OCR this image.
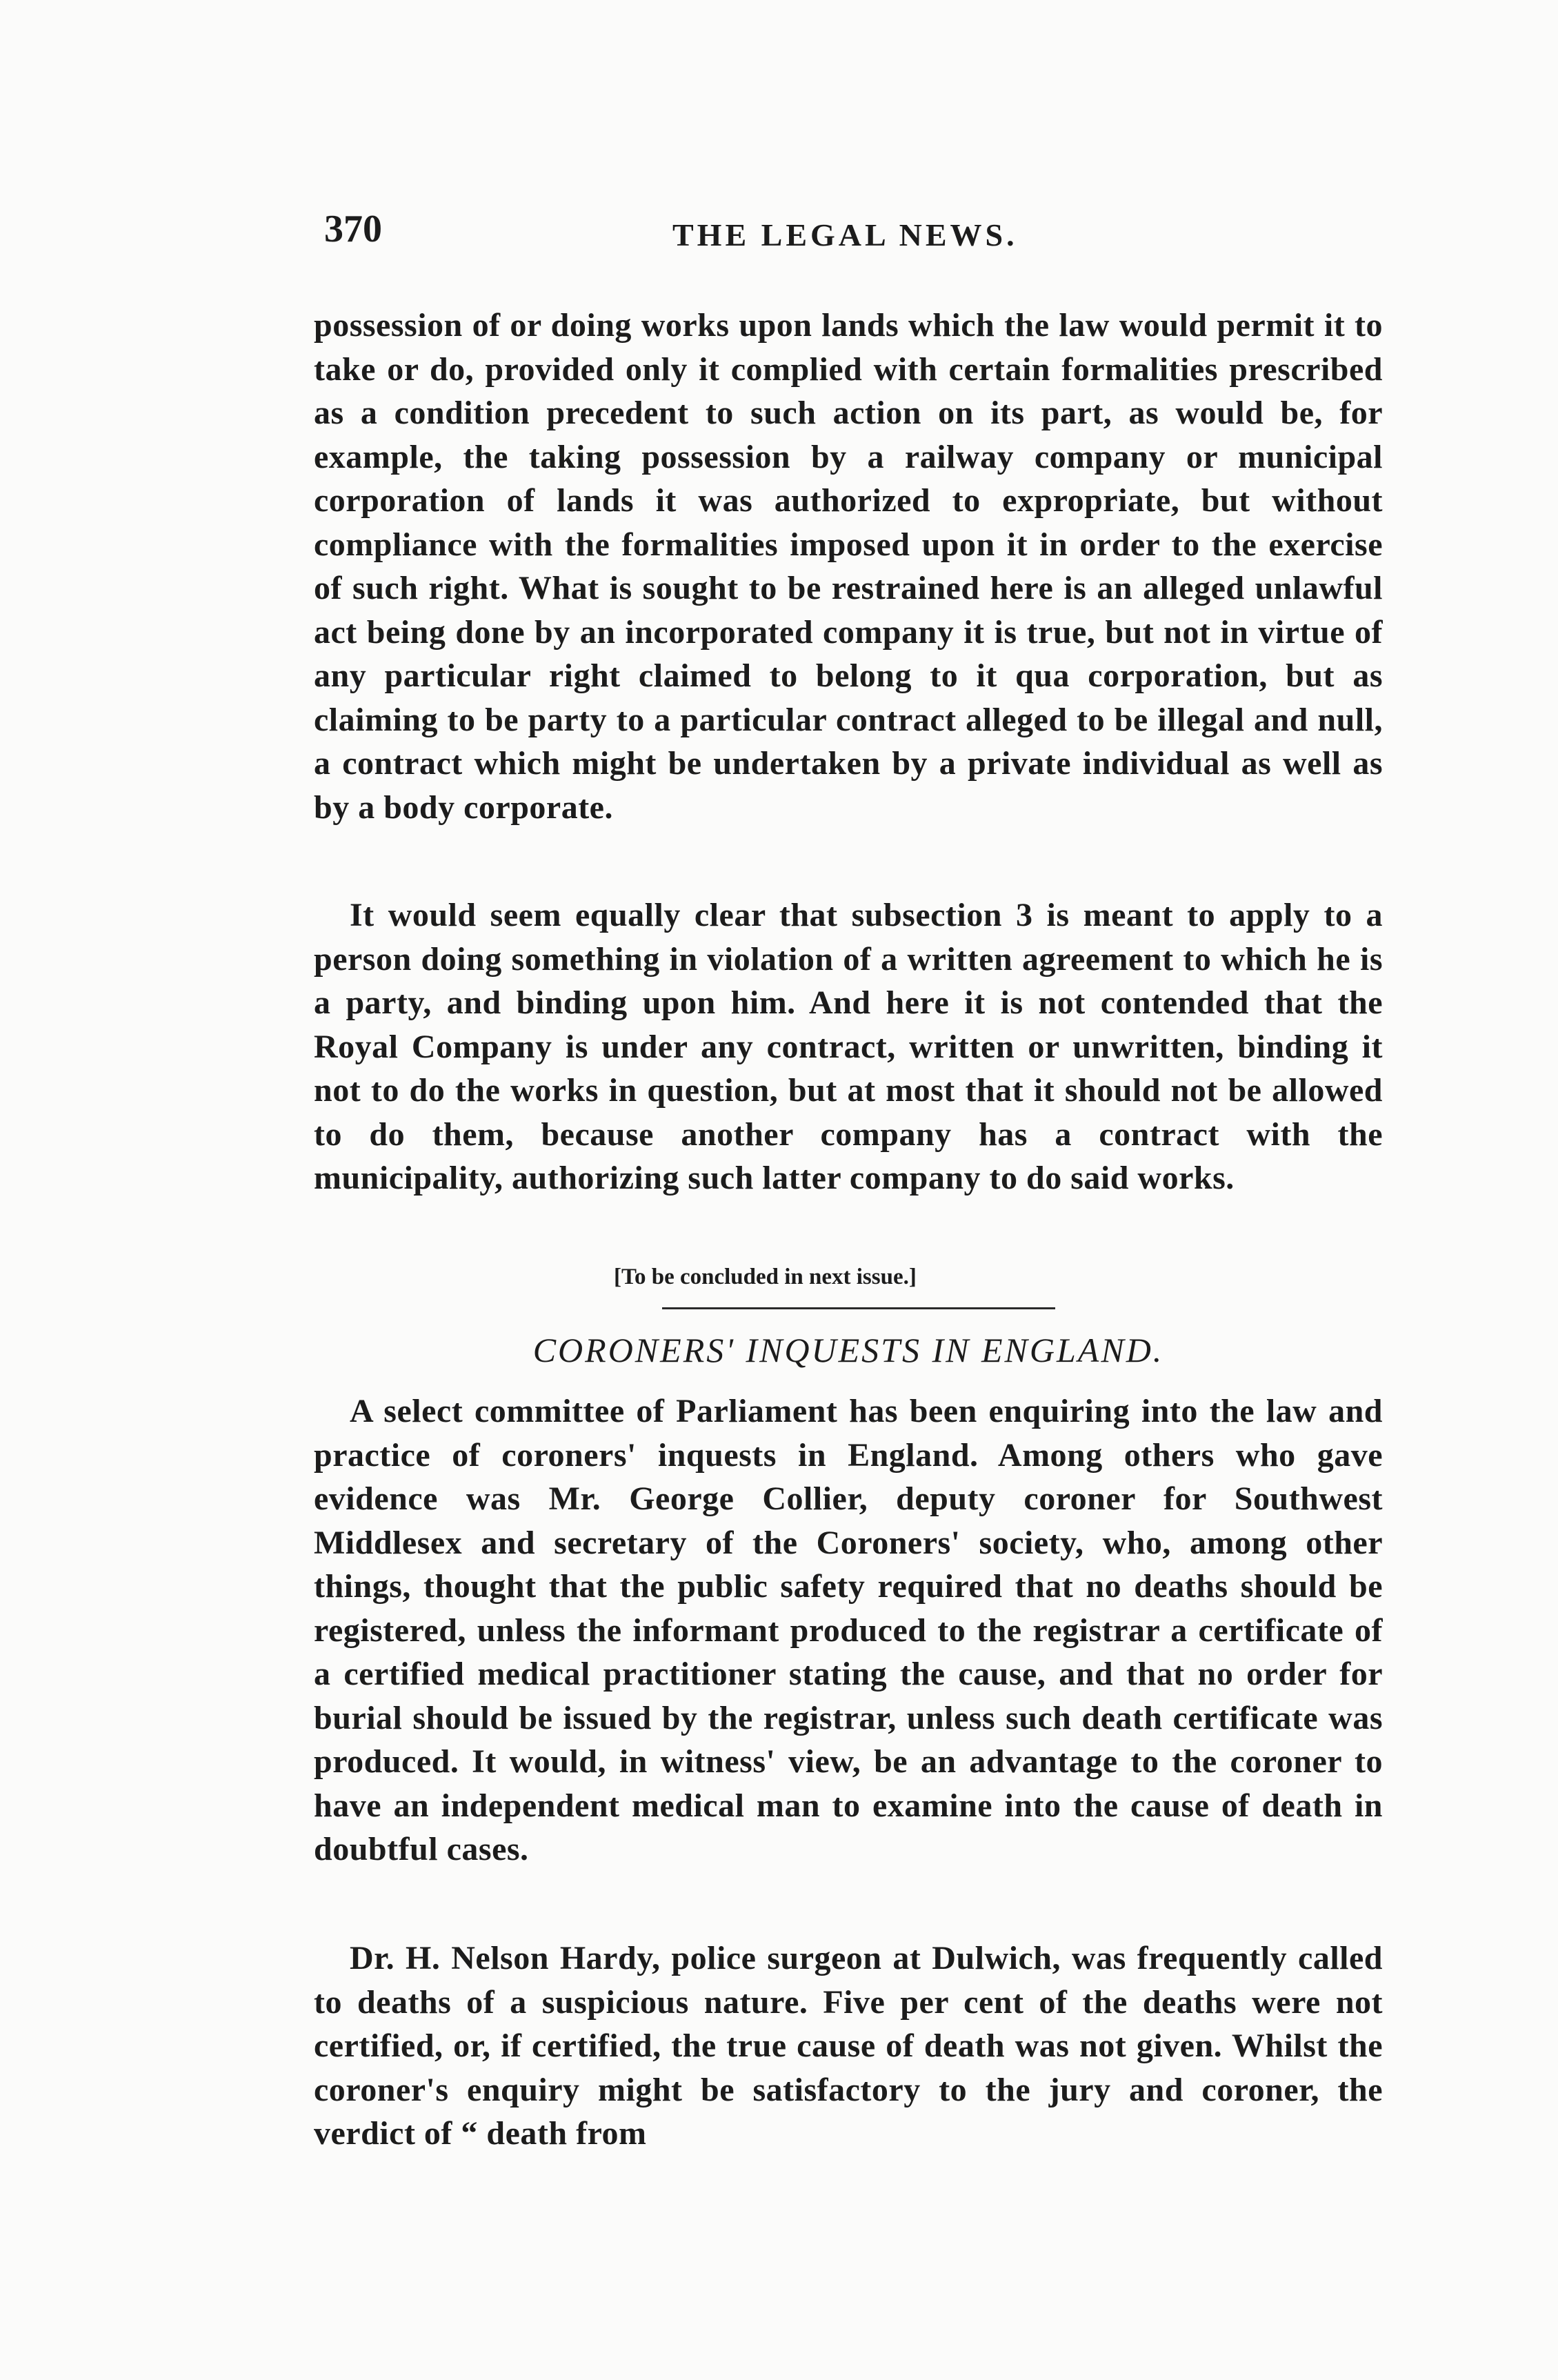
370	THE LEGAL NEWS.

possession of or doing works upon lands which the law would permit it to take or do, provided only it complied with certain formalities prescribed as a condition precedent to such action on its part, as would be, for example, the taking possession by a railway company or municipal corporation of lands it was authorized to expropriate, but without compliance with the formalities imposed upon it in order to the exercise of such right. What is sought to be restrained here is an alleged unlawful act being done by an incorporated company it is true, but not in virtue of any particular right claimed to belong to it qua corporation, but as claiming to be party to a particular contract alleged to be illegal and null, a contract which might be undertaken by a private individual as well as by a body corporate.

It would seem equally clear that subsection 3 is meant to apply to a person doing something in violation of a written agreement to which he is a party, and binding upon him. And here it is not contended that the Royal Company is under any contract, written or unwritten, binding it not to do the works in question, but at most that it should not be allowed to do them, because another company has a contract with the municipality, authorizing such latter company to do said works.

[To be concluded in next issue.]
CORONERS' INQUESTS IN ENGLAND.

A select committee of Parliament has been enquiring into the law and practice of coroners' inquests in England. Among others who gave evidence was Mr. George Collier, deputy coroner for Southwest Middlesex and secretary of the Coroners' society, who, among other things, thought that the public safety required that no deaths should be registered, unless the informant produced to the registrar a certificate of a certified medical practitioner stating the cause, and that no order for burial should be issued by the registrar, unless such death certificate was produced. It would, in witness' view, be an advantage to the coroner to have an independent medical man to examine into the cause of death in doubtful cases.

Dr. H. Nelson Hardy, police surgeon at Dulwich, was frequently called to deaths of a suspicious nature. Five per cent of the deaths were not certified, or, if certified, the true cause of death was not given. Whilst the coroner's enquiry might be satisfactory to the jury and coroner, the verdict of “ death from
